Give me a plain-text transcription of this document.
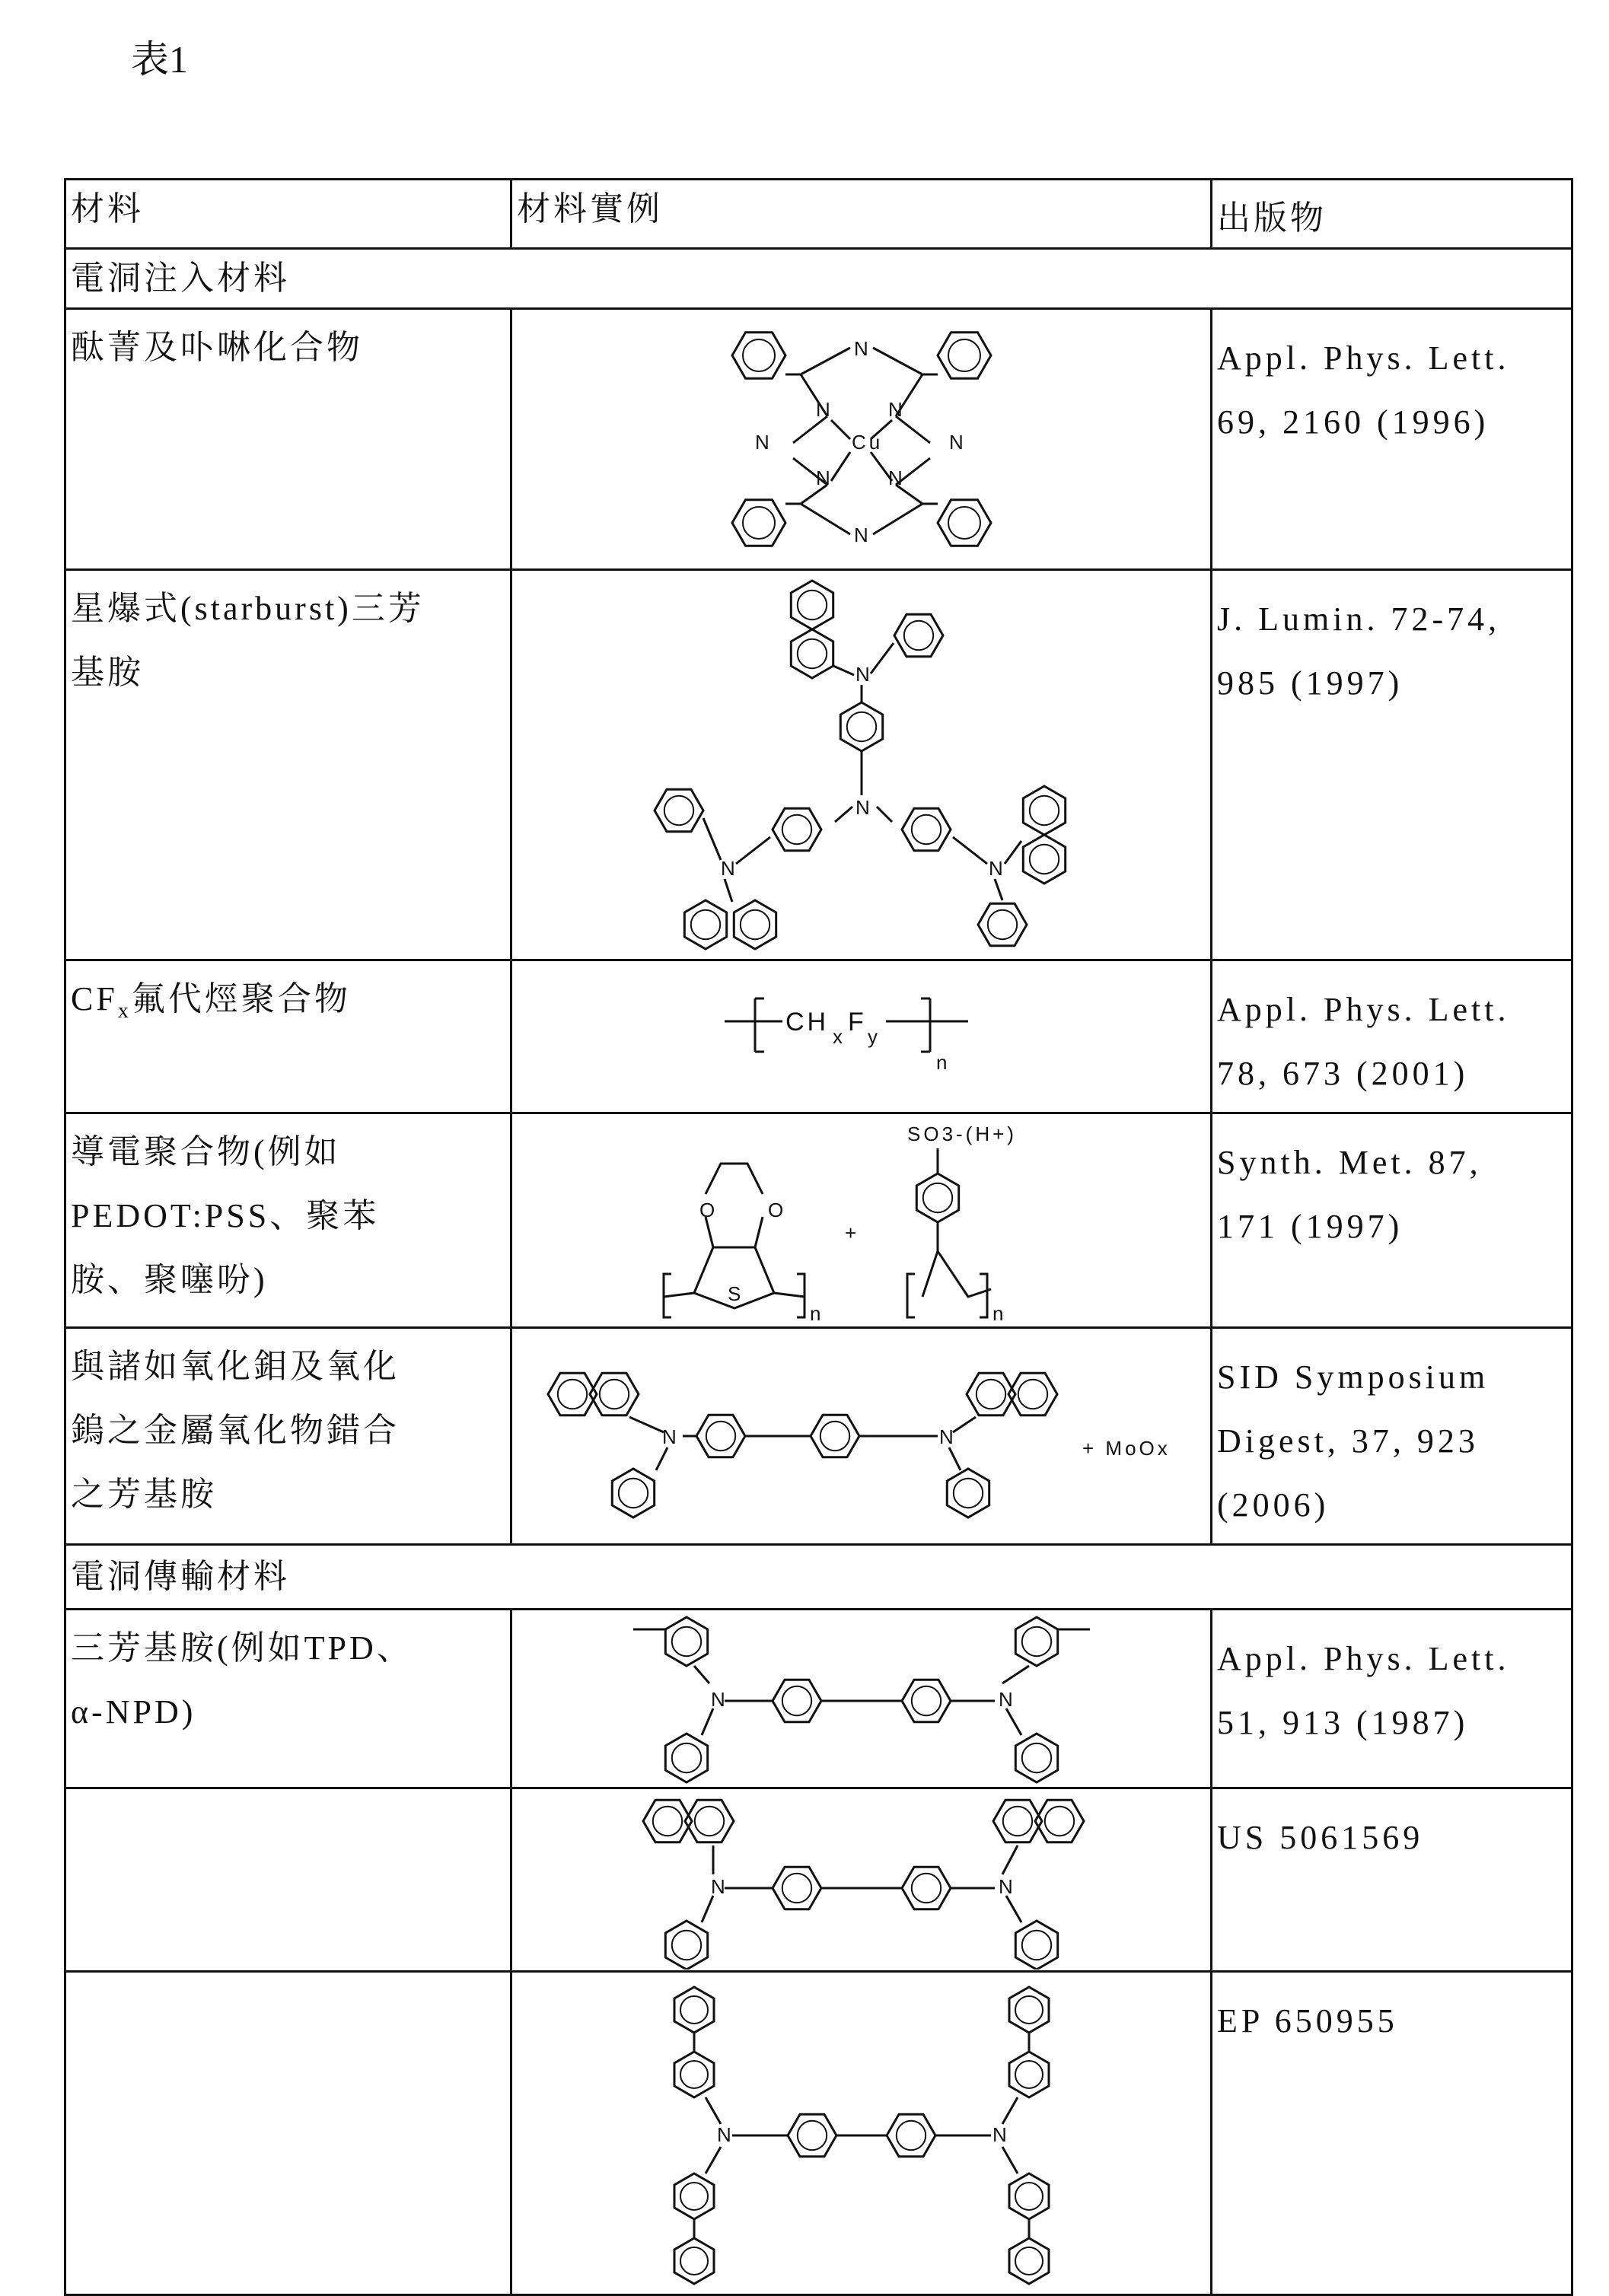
表1
材料	材料實例	出版物
電洞注入材料
酞菁及卟啉化合物	
Cu
N
N
N	N
N	N
N	N

Appl. Phys. Lett.
69, 2160 (1996)

星爆式(starburst)三芳
基胺	N
N
N	N

J. Lumin. 72-74,
985 (1997)

CFx氟代烴聚合物	
CH x F y
n

Appl. Phys. Lett.
78, 673 (2001)

導電聚合物(例如
PEDOT:PSS、聚苯
胺、聚噻吩)

O	O
S
n
+
SO3-(H+)
n

Synth. Met. 87,
171 (1997)

與諸如氧化鉬及氧化
鎢之金屬氧化物錯合
之芳基胺

N	N	+ MoOx

SID Symposium
Digest, 37, 923
(2006)

電洞傳輸材料

三芳基胺(例如TPD、
α-NPD)	N	N

Appl. Phys. Lett.
51, 913 (1987)

N	N

US 5061569

N	N

EP 650955
